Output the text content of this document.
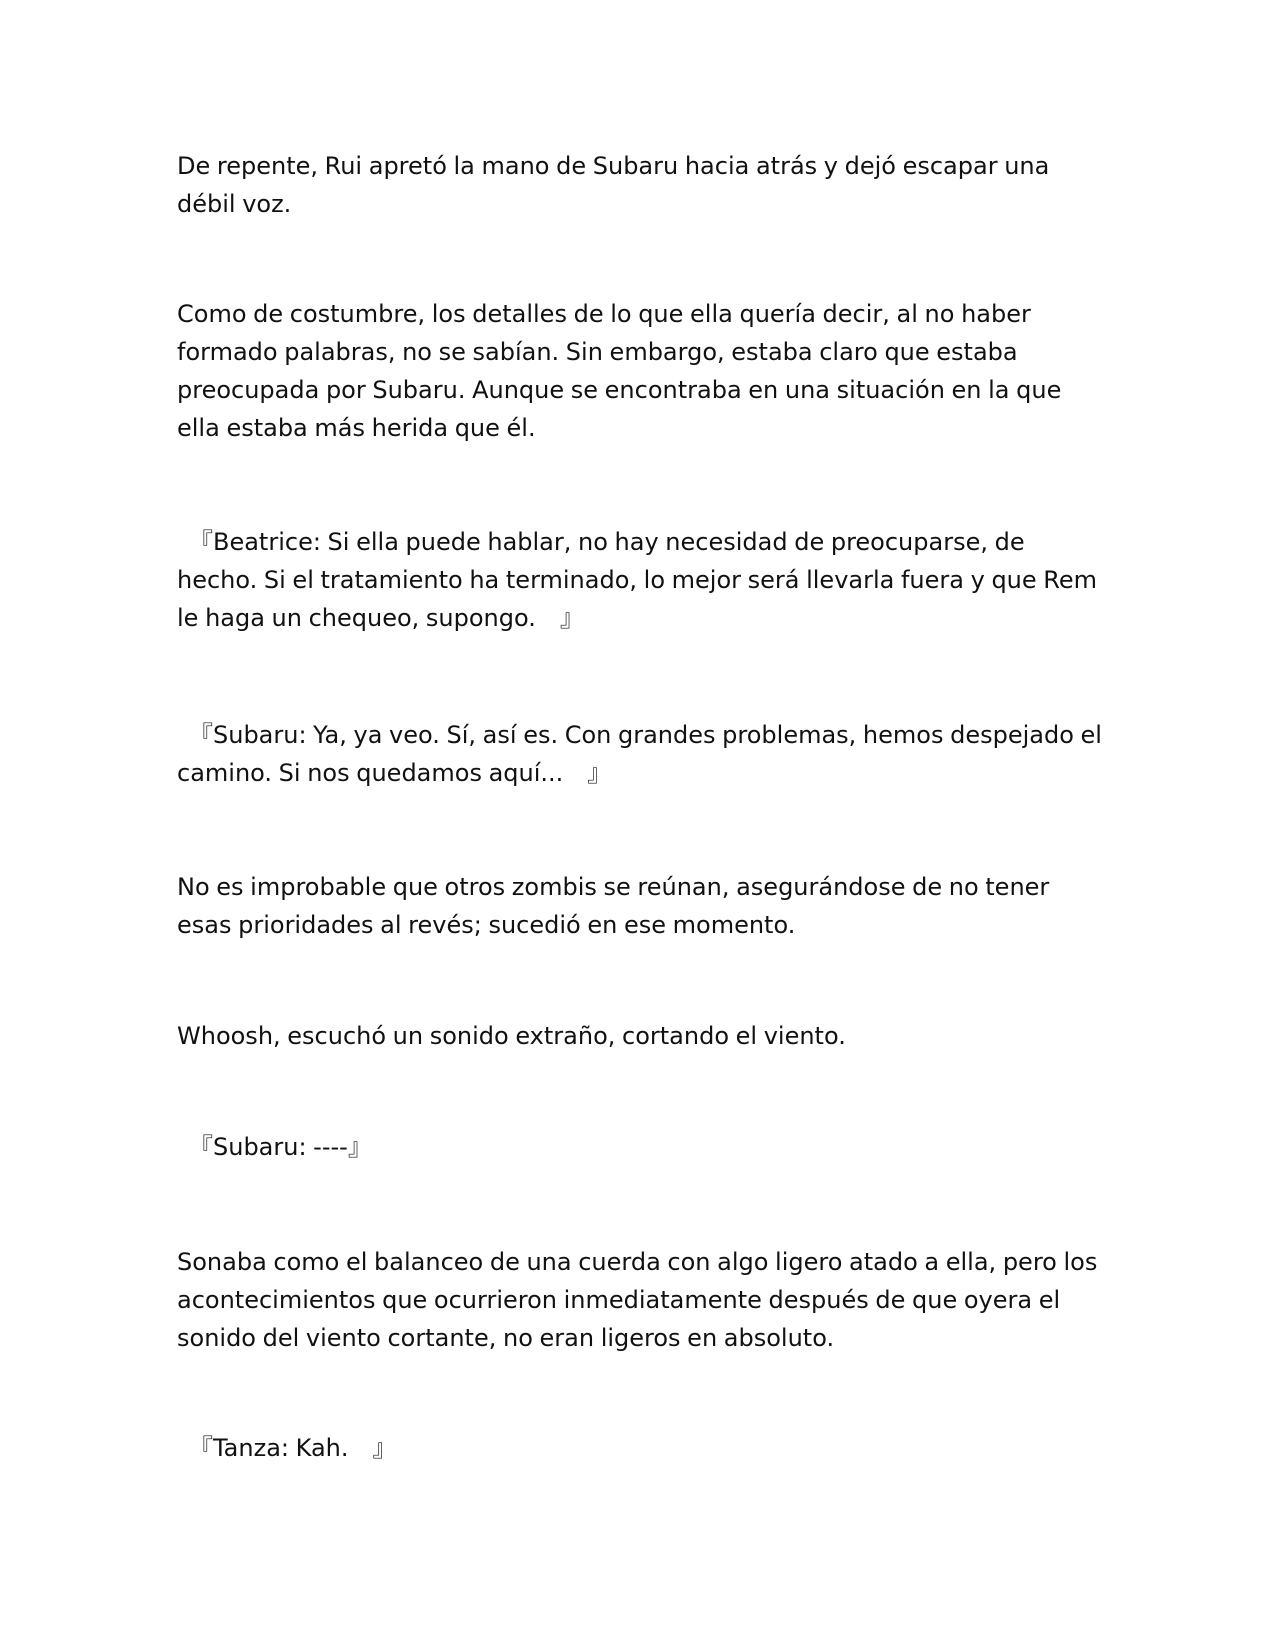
De repente, Rui apretó la mano de Subaru hacia atrás y dejó escapar una débil voz.

Como de costumbre, los detalles de lo que ella quería decir, al no haber formado palabras, no se sabían. Sin embargo, estaba claro que estaba preocupada por Subaru. Aunque se encontraba en una situación en la que ella estaba más herida que él.

　『Beatrice: Si ella puede hablar, no hay necesidad de preocuparse, de hecho. Si el tratamiento ha terminado, lo mejor será llevarla fuera y que Rem le haga un chequeo, supongo.　』

　『Subaru: Ya, ya veo. Sí, así es. Con grandes problemas, hemos despejado el camino. Si nos quedamos aquí...　』

No es improbable que otros zombis se reúnan, asegurándose de no tener esas prioridades al revés; sucedió en ese momento.

Whoosh, escuchó un sonido extraño, cortando el viento.

　『Subaru: ----』

Sonaba como el balanceo de una cuerda con algo ligero atado a ella, pero los acontecimientos que ocurrieron inmediatamente después de que oyera el sonido del viento cortante, no eran ligeros en absoluto.

　『Tanza: Kah.　』
